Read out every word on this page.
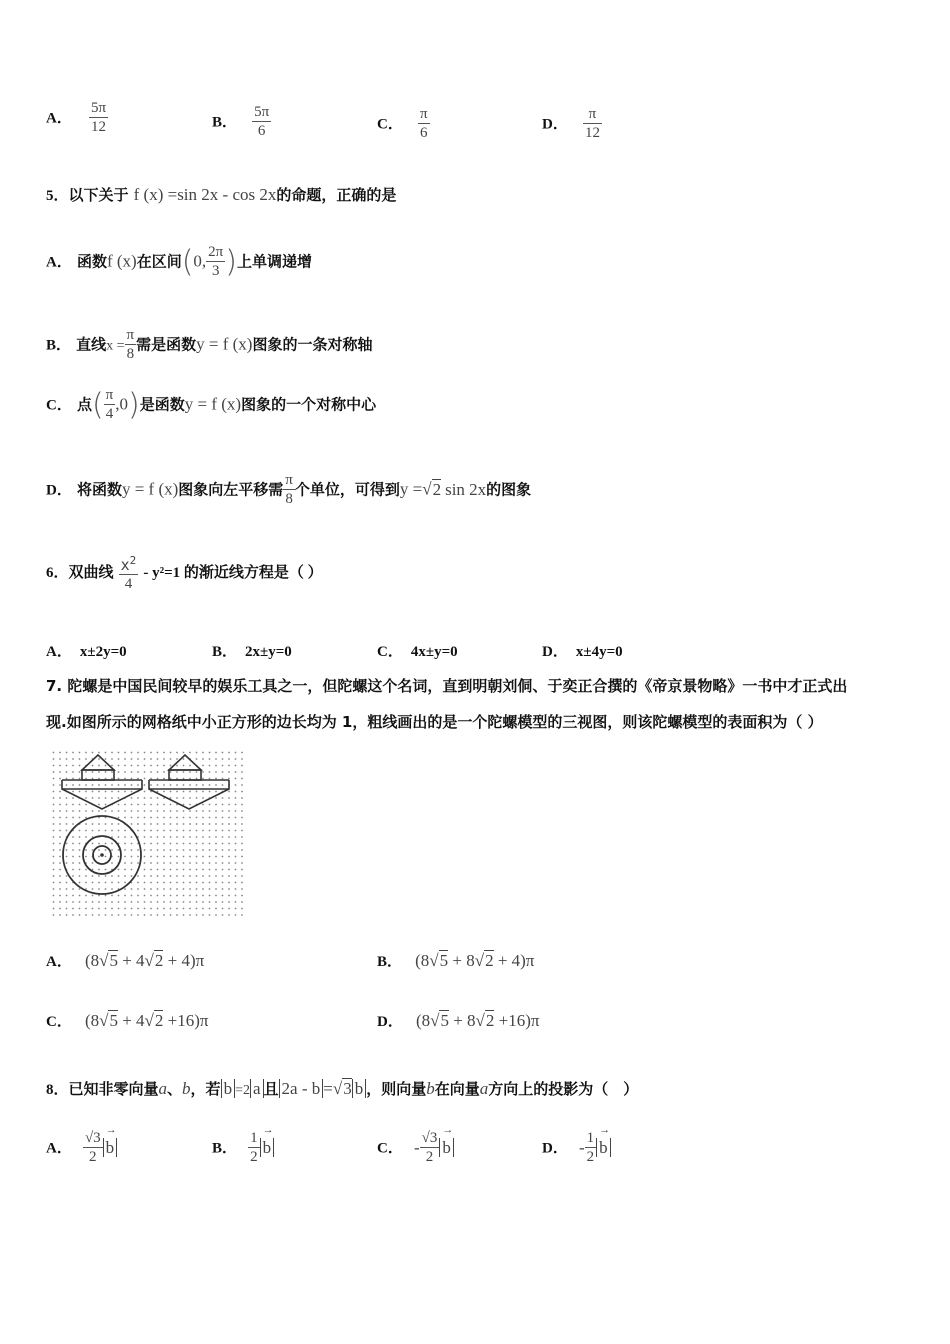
A． $\frac{5\pi}{12}$	B． $\frac{5\pi}{6}$	C． $\frac{\pi}{6}$	D． $\frac{\pi}{12}$
5．以下关于 f (x) =sin 2x - cos 2x的命题，正确的是
A． 函数f (x)在区间(0, $\frac{2\pi}{3}$ )上单调递增
B． 直线$x = \frac{\pi}{8}$ 需是函数y = f (x)图象的一条对称轴
C． 点( $\frac{\pi}{4} ,0$)是函数y = f (x)图象的一个对称中心
D． 将函数y = f (x)图象向左平移需 $\frac{\pi}{8}$ 个单位，可得到y =√2 sin 2x的图象
6．双曲线 $\frac{x^2}{4} - y^2=1$ 的渐近线方程是（ ）
A． x±2y=0	B． 2x±y=0	C． 4x±y=0	D． x±4y=0
7. 陀螺是中国民间较早的娱乐工具之一，但陀螺这个名词，直到明朝刘侗、于奕正合撰的《帝京景物略》一书中才正式出
现.如图所示的网格纸中小正方形的边长均为 1，粗线画出的是一个陀螺模型的三视图，则该陀螺模型的表面积为（ ）
A． (8√5 + 4√2 + 4)π	B． (8√5 + 8√2 + 4)π
C． (8√5 + 4√2 +16)π	D． (8√5 + 8√2 +16)π
8．已知非零向量a、b，若 b =2 a 且 2a - b =√3 b ，则向量b在向量a方向上的投影为（　）
A． $\frac{√3}{2}$
→ b	B． $\frac{1}{2}$
→ b	C． - $\frac{√3}{2}$
→ b	D． - $\frac{1}{2}$
→ b
